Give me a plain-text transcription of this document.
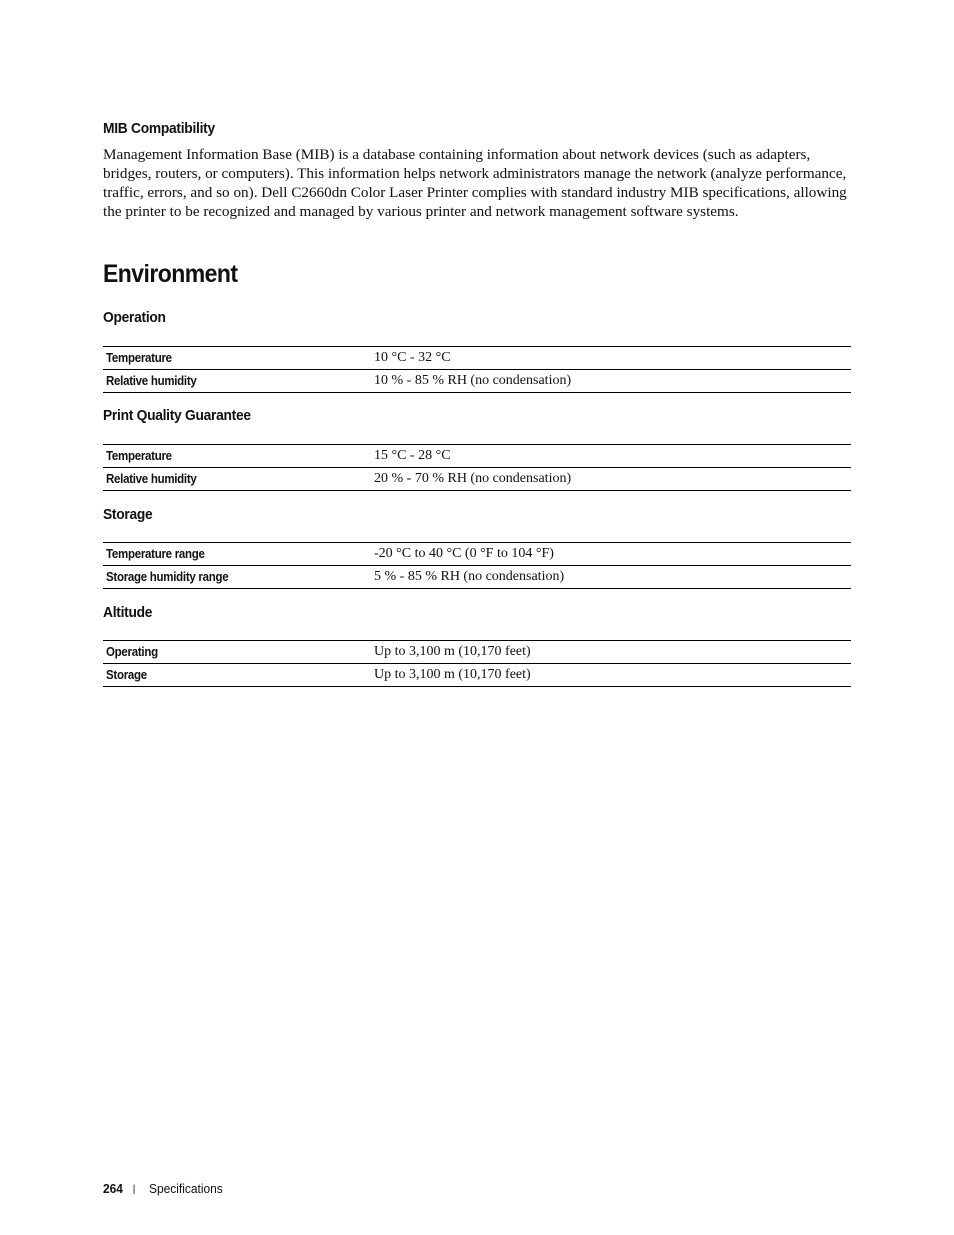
MIB Compatibility

Management Information Base (MIB) is a database containing information about network devices (such as adapters, bridges, routers, or computers). This information helps network administrators manage the network (analyze performance, traffic, errors, and so on). Dell C2660dn Color Laser Printer complies with standard industry MIB specifications, allowing the printer to be recognized and managed by various printer and network management software systems.

Environment
Operation
Temperature	10 °C - 32 °C
Relative humidity	10 % - 85 % RH (no condensation)
Print Quality Guarantee
Temperature	15 °C - 28 °C
Relative humidity	20 % - 70 % RH (no condensation)
Storage
Temperature range	-20 °C to 40 °C (0 °F to 104 °F)
Storage humidity range	5 % - 85 % RH (no condensation)
Altitude
Operating	Up to 3,100 m (10,170 feet)
Storage	Up to 3,100 m (10,170 feet)
264 | Specifications
